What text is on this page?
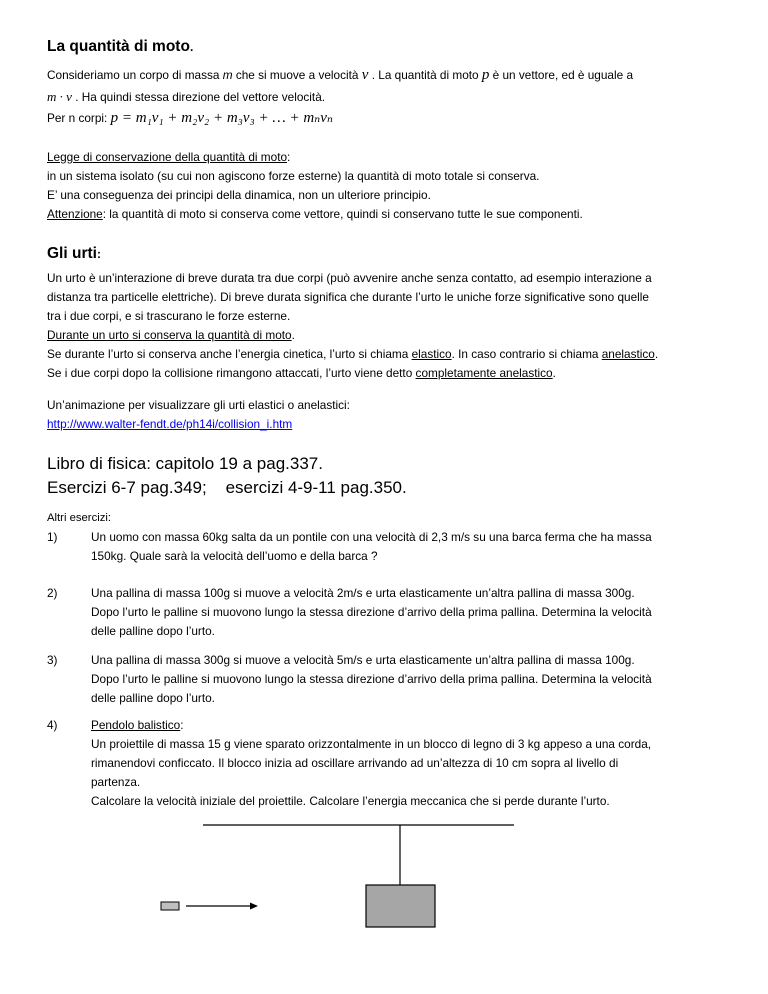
La quantità di moto.

Consideriamo un corpo di massa m che si muove a velocità v . La quantità di moto p è un vettore, ed è uguale a

m · v . Ha quindi stessa direzione del vettore velocità.

Per n corpi: p = m₁v₁ + m₂v₂ + m₃v₃ + … + mₙvₙ

Legge di conservazione della quantità di moto:

in un sistema isolato (su cui non agiscono forze esterne) la quantità di moto totale si conserva.

E’ una conseguenza dei principi della dinamica, non un ulteriore principio.

Attenzione: la quantità di moto si conserva come vettore, quindi si conservano tutte le sue componenti.

Gli urti:

Un urto è un’interazione di breve durata tra due corpi (può avvenire anche senza contatto, ad esempio interazione a

distanza tra particelle elettriche). Di breve durata significa che durante l’urto le uniche forze significative sono quelle

tra i due corpi, e si trascurano le forze esterne.

Durante un urto si conserva la quantità di moto.

Se durante l’urto si conserva anche l’energia cinetica, l’urto si chiama elastico. In caso contrario si chiama anelastico.

Se i due corpi dopo la collisione rimangono attaccati, l’urto viene detto completamente anelastico.

Un’animazione per visualizzare gli urti elastici o anelastici:

http://www.walter-fendt.de/ph14i/collision_i.htm

Libro di fisica: capitolo 19 a pag.337.

Esercizi 6-7 pag.349;    esercizi 4-9-11 pag.350.

Altri esercizi:

1)	Un uomo con massa 60kg salta da un pontile con una velocità di 2,3 m/s su una barca ferma che ha massa
150kg. Quale sarà la velocità dell’uomo e della barca ?
2)	Una pallina di massa 100g si muove a velocità 2m/s e urta elasticamente un’altra pallina di massa 300g.
Dopo l’urto le palline si muovono lungo la stessa direzione d’arrivo della prima pallina. Determina la velocità
delle palline dopo l’urto.
3)	Una pallina di massa 300g si muove a velocità 5m/s e urta elasticamente un’altra pallina di massa 100g.
Dopo l’urto le palline si muovono lungo la stessa direzione d’arrivo della prima pallina. Determina la velocità
delle palline dopo l’urto.
4)	Pendolo balistico:
Un proiettile di massa 15 g viene sparato orizzontalmente in un blocco di legno di 3 kg appeso a una corda,
rimanendovi conficcato. Il blocco inizia ad oscillare arrivando ad un’altezza di 10 cm sopra al livello di
partenza.
Calcolare la velocità iniziale del proiettile. Calcolare l’energia meccanica che si perde durante l’urto.
